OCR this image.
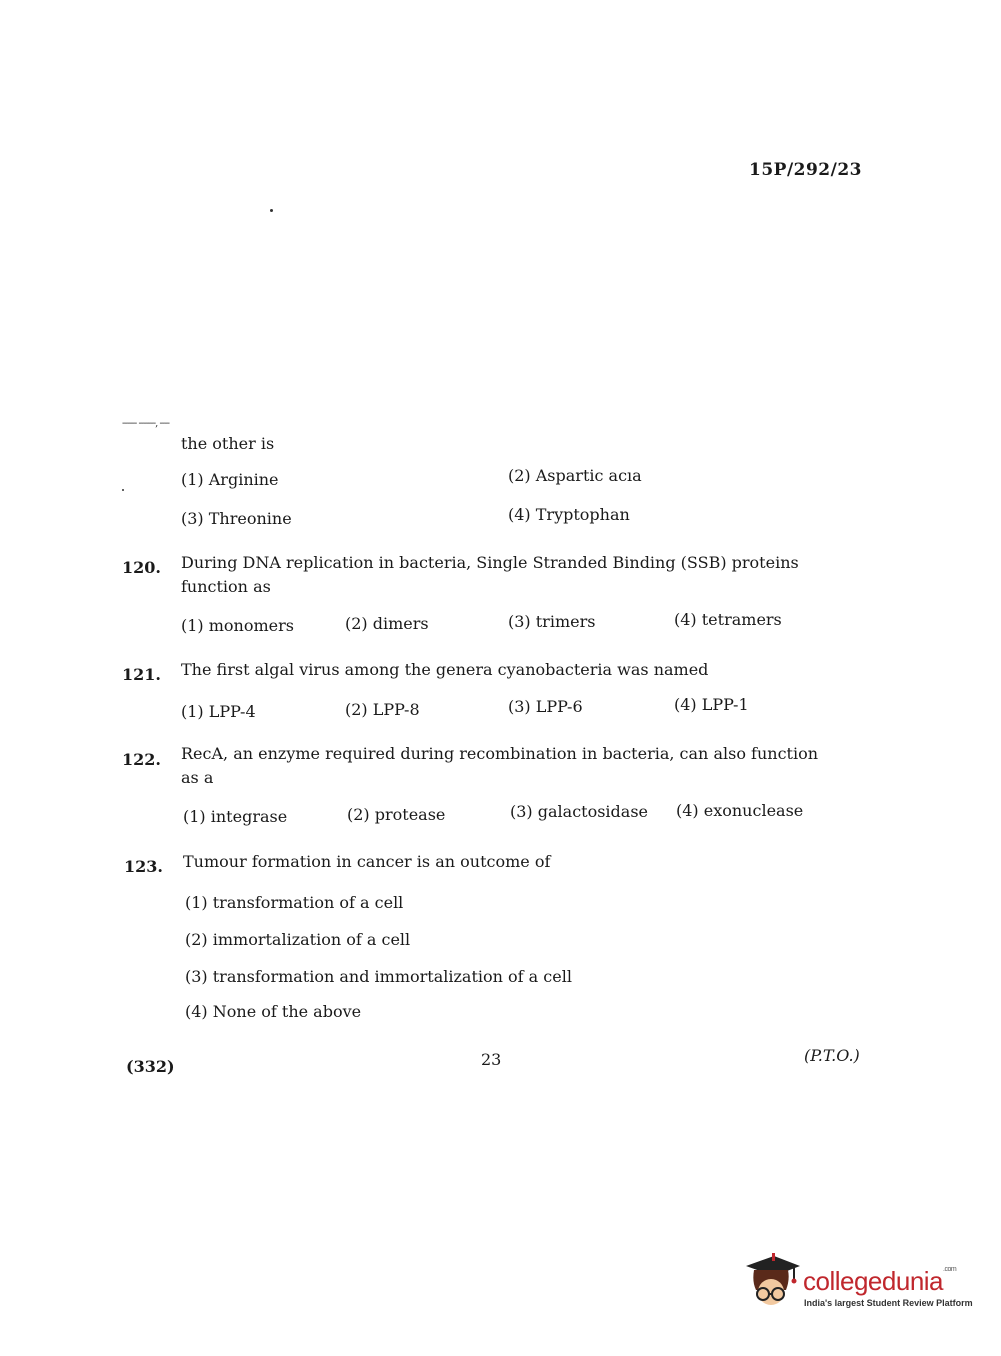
15P/292/23
------ -------, ----
the other is
(1) Arginine	(2) Aspartic acıa
(3) Threonine	(4) Tryptophan
120. During DNA replication in bacteria, Single Stranded Binding (SSB) proteins
function as
(1) monomers	(2) dimers	(3) trimers	(4) tetramers
121. The first algal virus among the genera cyanobacteria was named
(1) LPP-4	(2) LPP-8	(3) LPP-6	(4) LPP-1
122. RecA, an enzyme required during recombination in bacteria, can also function
as a
(1) integrase	(2) protease	(3) galactosidase (4) exonuclease
123. Tumour formation in cancer is an outcome of
(1) transformation of a cell
(2) immortalization of a cell
(3) transformation and immortalization of a cell
(4) None of the above
(332)	23	(P.T.O.)
collegedunia$^{.com}$
India's largest Student Review Platform
